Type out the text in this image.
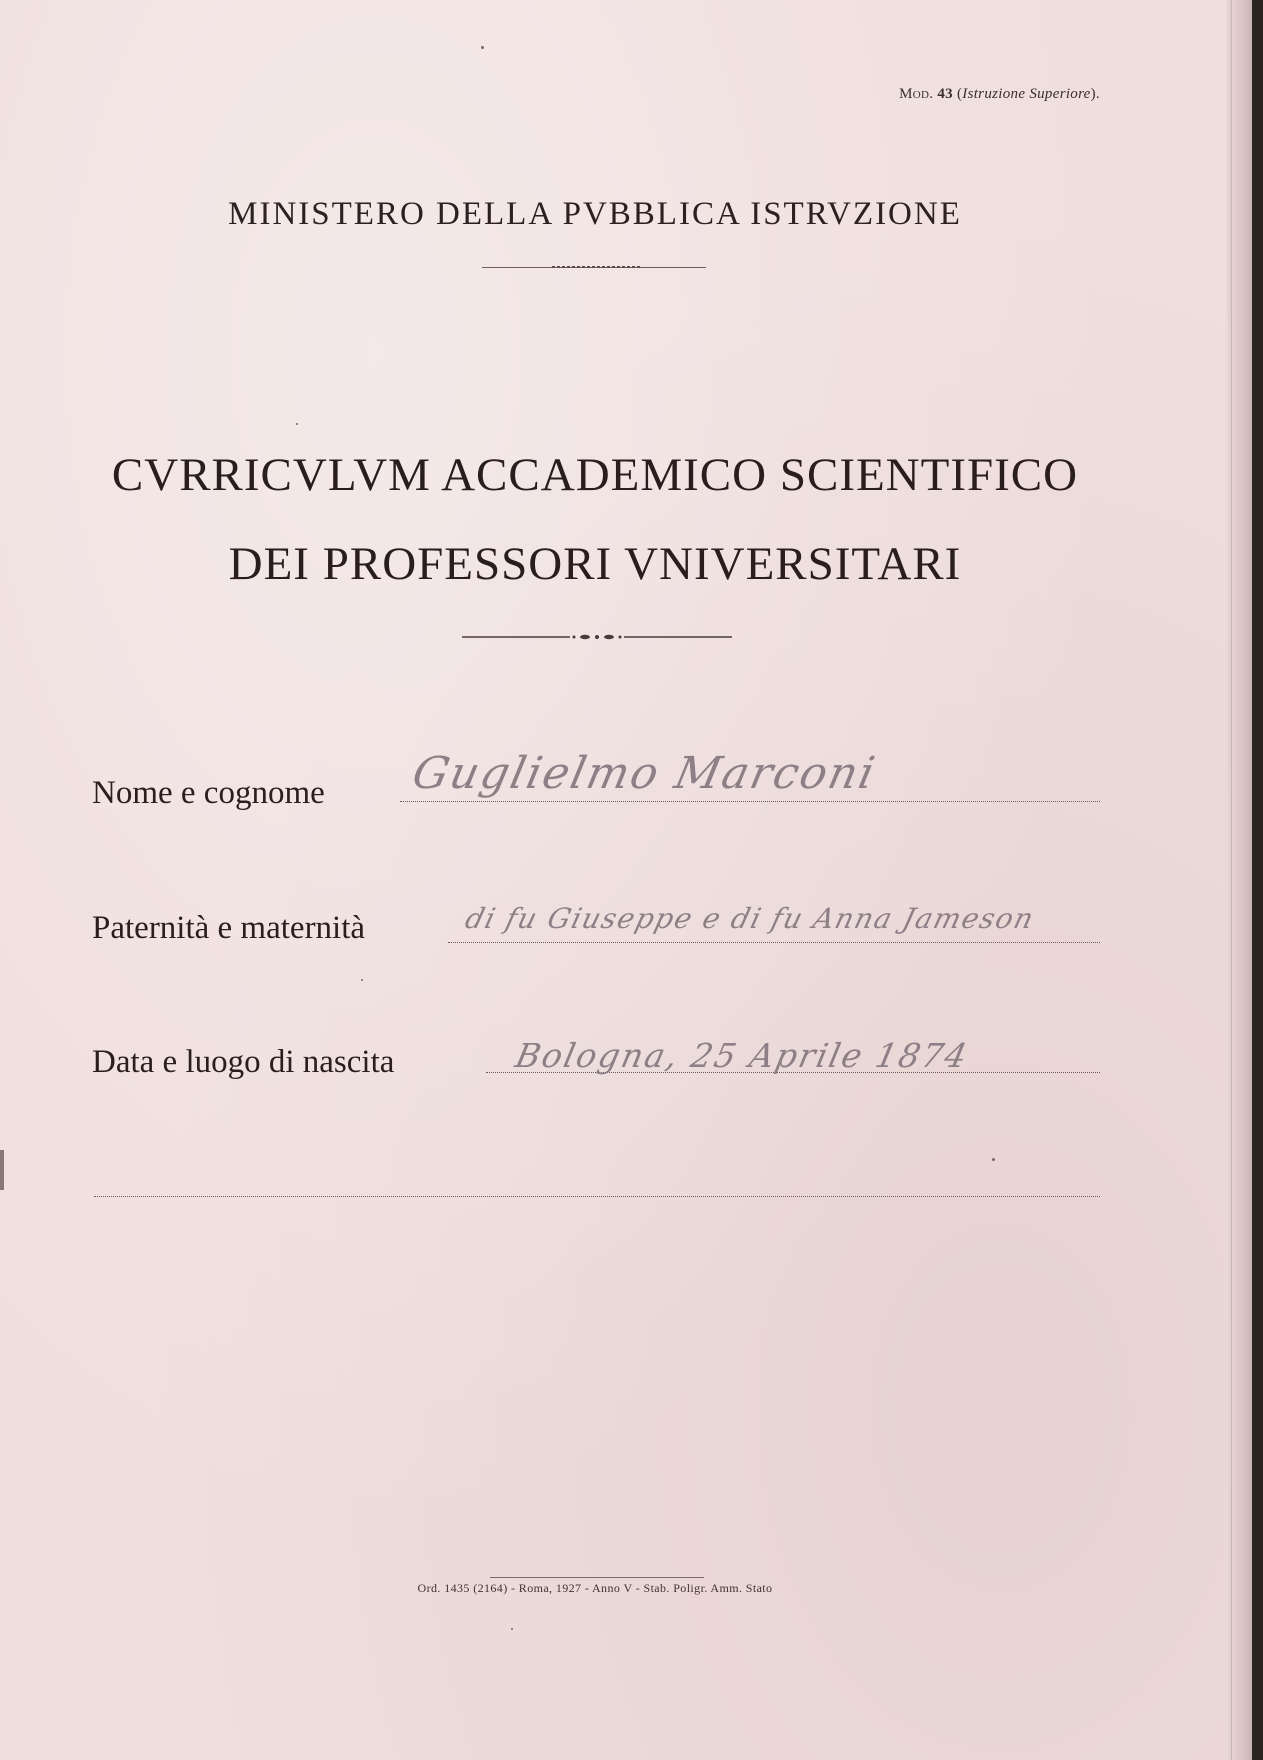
Mod. 43 (Istruzione Superiore).
MINISTERO DELLA PVBBLICA ISTRVZIONE
CVRRICVLVM ACCADEMICO SCIENTIFICO
DEI PROFESSORI VNIVERSITARI
Nome e cognome Guglielmo Marconi
Paternità e maternità	di fu Giuseppe e di fu Anna Jameson
Data e luogo di nascita	Bologna, 25 Aprile 1874
Ord. 1435 (2164) - Roma, 1927 - Anno V - Stab. Poligr. Amm. Stato
